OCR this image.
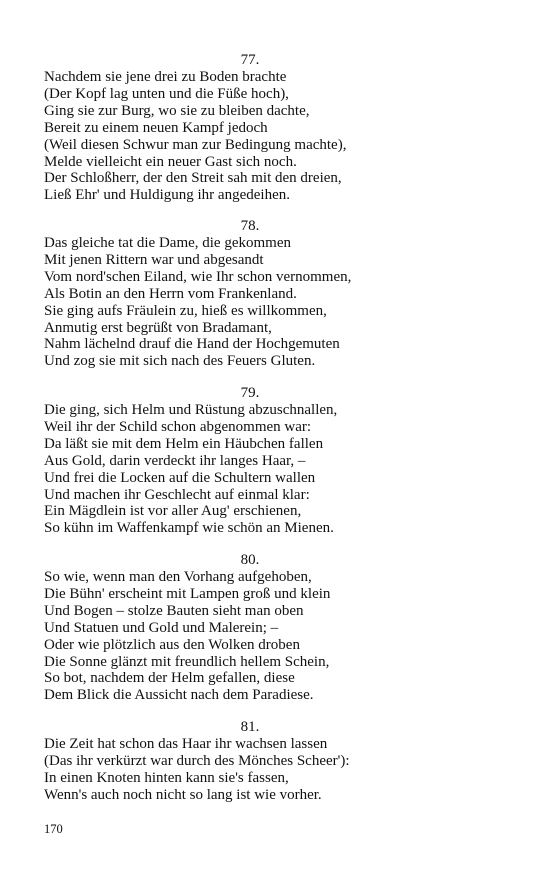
77.
Nachdem sie jene drei zu Boden brachte
(Der Kopf lag unten und die Füße hoch),
Ging sie zur Burg, wo sie zu bleiben dachte,
Bereit zu einem neuen Kampf jedoch
(Weil diesen Schwur man zur Bedingung machte),
Melde vielleicht ein neuer Gast sich noch.
Der Schloßherr, der den Streit sah mit den dreien,
Ließ Ehr' und Huldigung ihr angedeihen.
78.
Das gleiche tat die Dame, die gekommen
Mit jenen Rittern war und abgesandt
Vom nord'schen Eiland, wie Ihr schon vernommen,
Als Botin an den Herrn vom Frankenland.
Sie ging aufs Fräulein zu, hieß es willkommen,
Anmutig erst begrüßt von Bradamant,
Nahm lächelnd drauf die Hand der Hochgemuten
Und zog sie mit sich nach des Feuers Gluten.
79.
Die ging, sich Helm und Rüstung abzuschnallen,
Weil ihr der Schild schon abgenommen war:
Da läßt sie mit dem Helm ein Häubchen fallen
Aus Gold, darin verdeckt ihr langes Haar, –
Und frei die Locken auf die Schultern wallen
Und machen ihr Geschlecht auf einmal klar:
Ein Mägdlein ist vor aller Aug' erschienen,
So kühn im Waffenkampf wie schön an Mienen.
80.
So wie, wenn man den Vorhang aufgehoben,
Die Bühn' erscheint mit Lampen groß und klein
Und Bogen – stolze Bauten sieht man oben
Und Statuen und Gold und Malerein; –
Oder wie plötzlich aus den Wolken droben
Die Sonne glänzt mit freundlich hellem Schein,
So bot, nachdem der Helm gefallen, diese
Dem Blick die Aussicht nach dem Paradiese.
81.
Die Zeit hat schon das Haar ihr wachsen lassen
(Das ihr verkürzt war durch des Mönches Scheer'):
In einen Knoten hinten kann sie's fassen,
Wenn's auch noch nicht so lang ist wie vorher.
170
